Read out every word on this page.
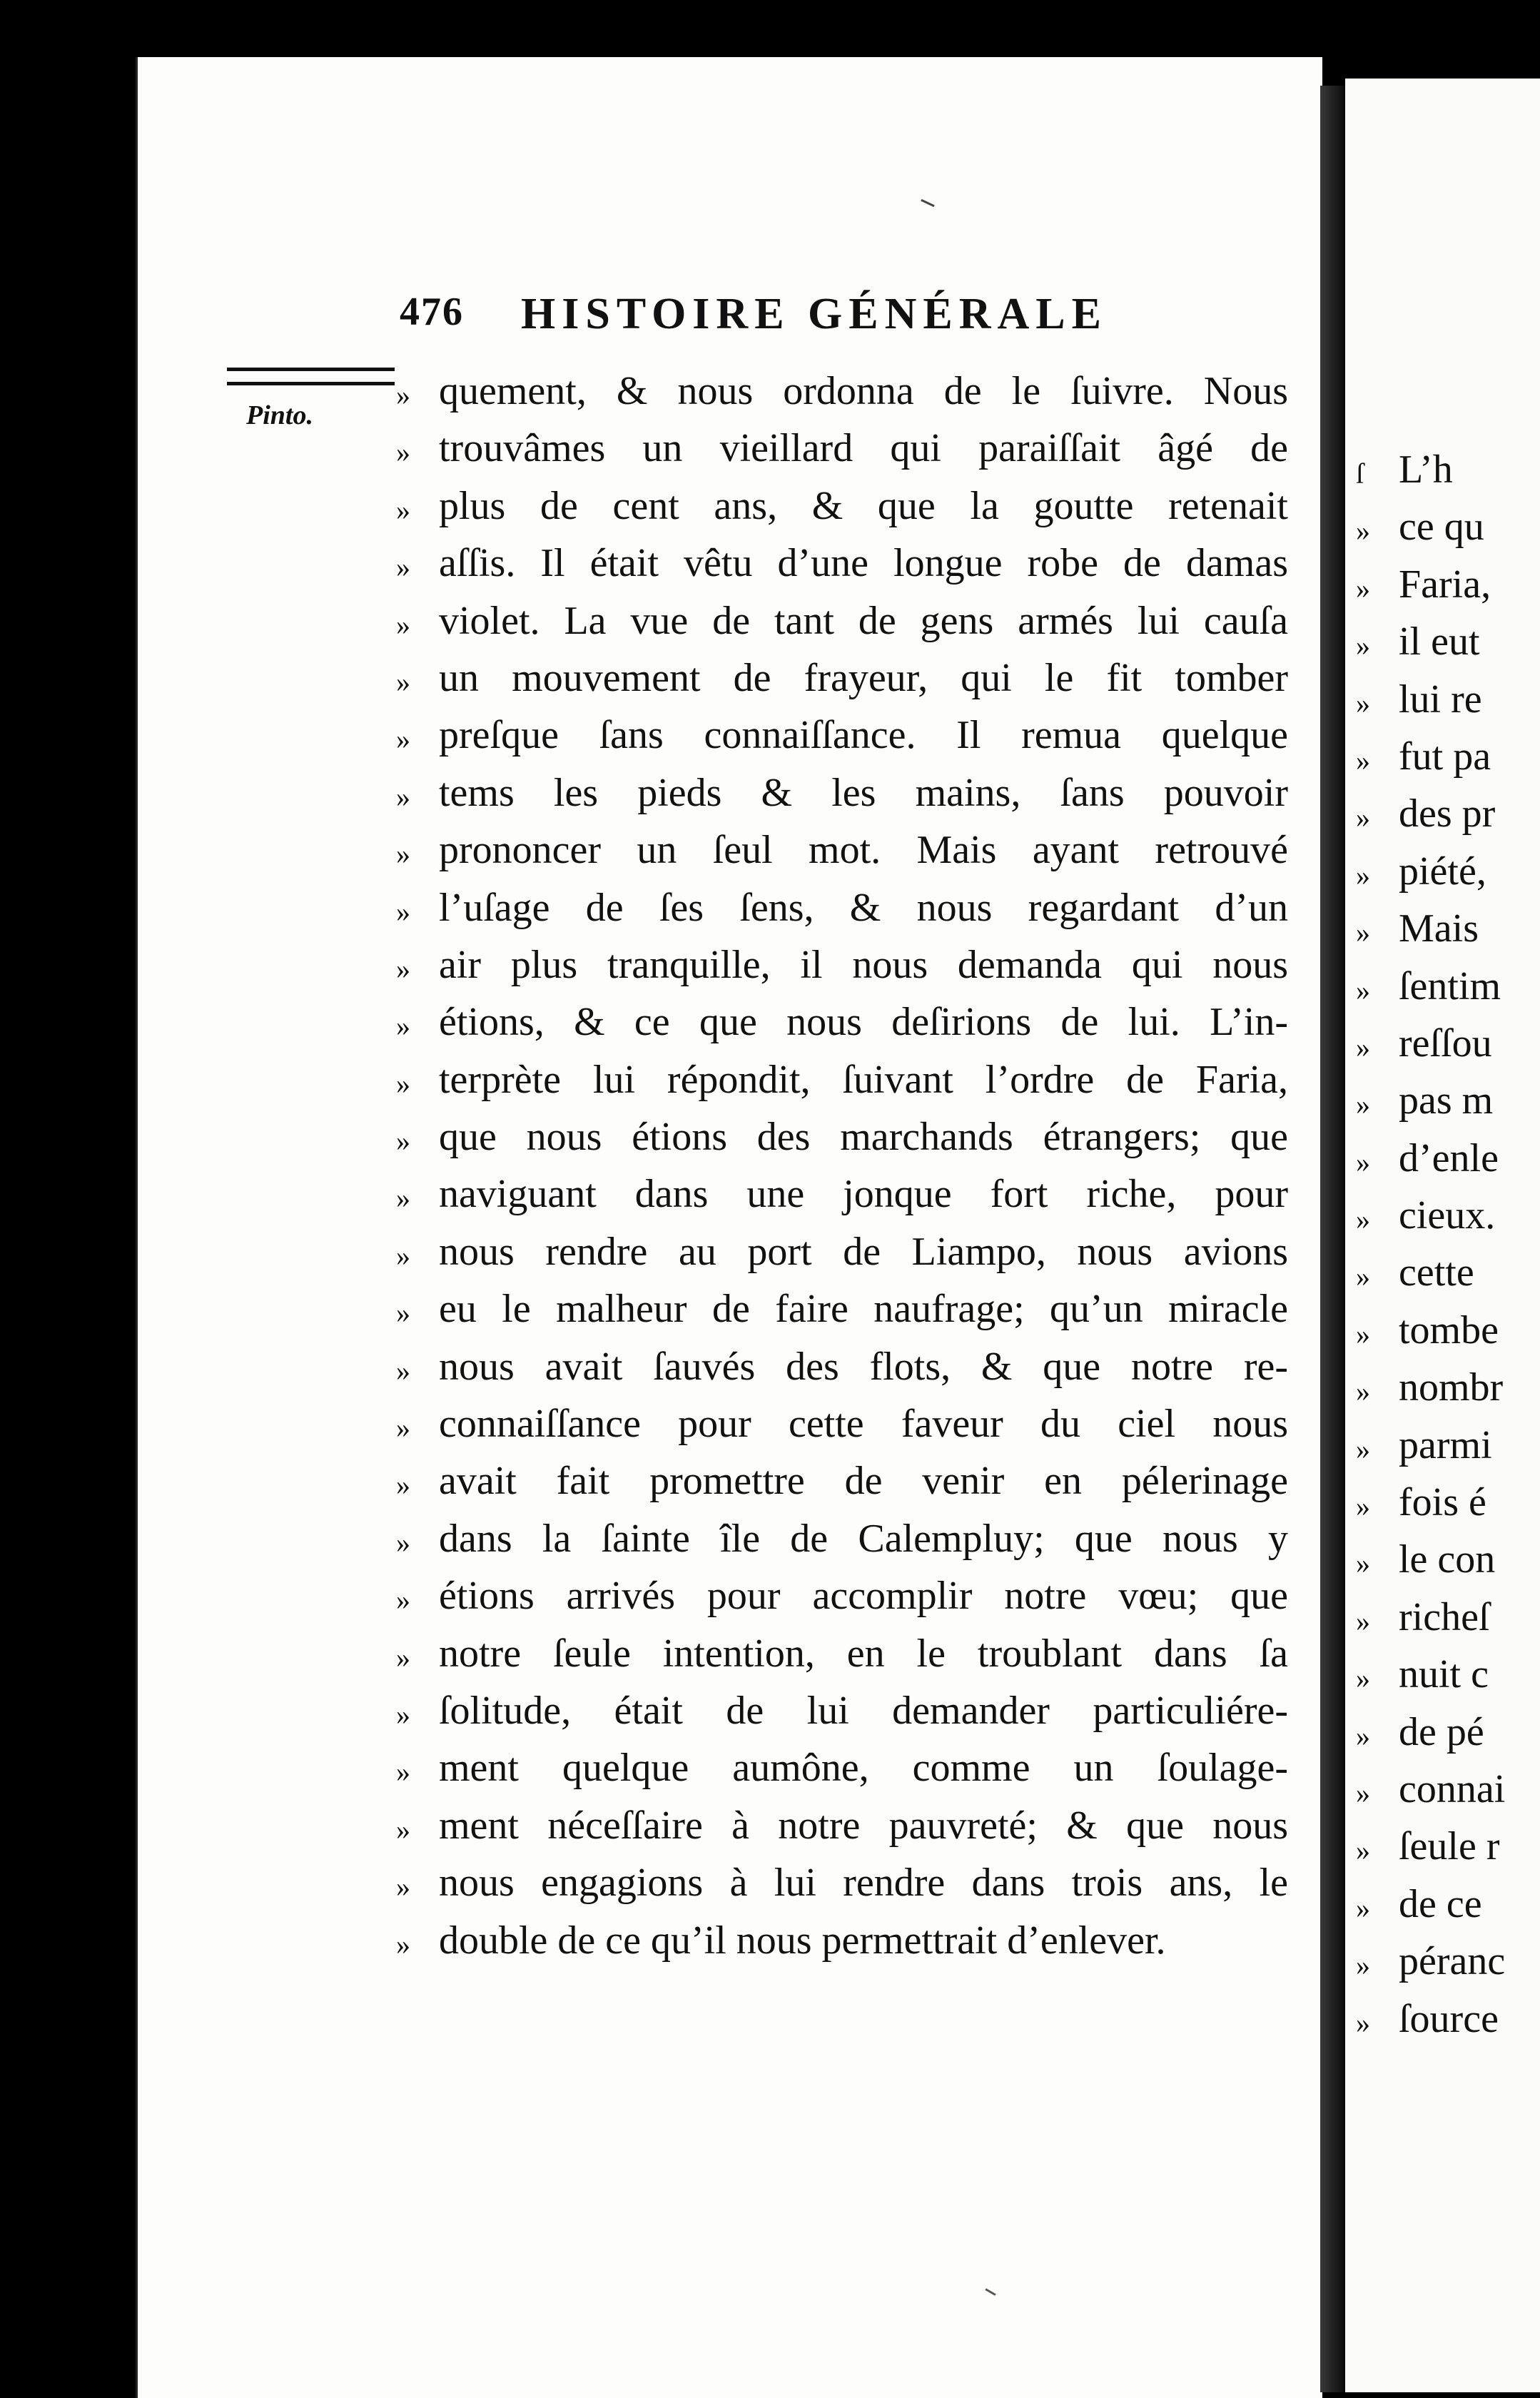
ſ L’h
» ce qu
» Faria,
» il eut
» lui re
» fut pa
» des pr
» piété,
» Mais
» ſentim
» reſſou
» pas m
» d’enle
» cieux.
» cette
» tombe
» nombr
» parmi
» fois é
» le con
» richeſ
» nuit c
» de pé
» connai
» ſeule r
» de ce
» péranc
» ſource
476 HISTOIRE GÉNÉRALE
Pinto.
» quement, & nous ordonna de le ſuivre. Nous
» trouvâmes un vieillard qui paraiſſait âgé de
» plus de cent ans, & que la goutte retenait
» aſſis. Il était vêtu d’une longue robe de damas
» violet. La vue de tant de gens armés lui cauſa
» un mouvement de frayeur, qui le fit tomber
» preſque ſans connaiſſance. Il remua quelque
» tems les pieds & les mains, ſans pouvoir
» prononcer un ſeul mot. Mais ayant retrouvé
» l’uſage de ſes ſens, & nous regardant d’un
» air plus tranquille, il nous demanda qui nous
» étions, & ce que nous deſirions de lui. L’in-
» terprète lui répondit, ſuivant l’ordre de Faria,
» que nous étions des marchands étrangers; que
» naviguant dans une jonque fort riche, pour
» nous rendre au port de Liampo, nous avions
» eu le malheur de faire naufrage; qu’un miracle
» nous avait ſauvés des flots, & que notre re-
» connaiſſance pour cette faveur du ciel nous
» avait fait promettre de venir en pélerinage
» dans la ſainte île de Calempluy; que nous y
» étions arrivés pour accomplir notre vœu; que
» notre ſeule intention, en le troublant dans ſa
» ſolitude, était de lui demander particuliére-
» ment quelque aumône, comme un ſoulage-
» ment néceſſaire à notre pauvreté; & que nous
» nous engagions à lui rendre dans trois ans, le
» double de ce qu’il nous permettrait d’enlever.
